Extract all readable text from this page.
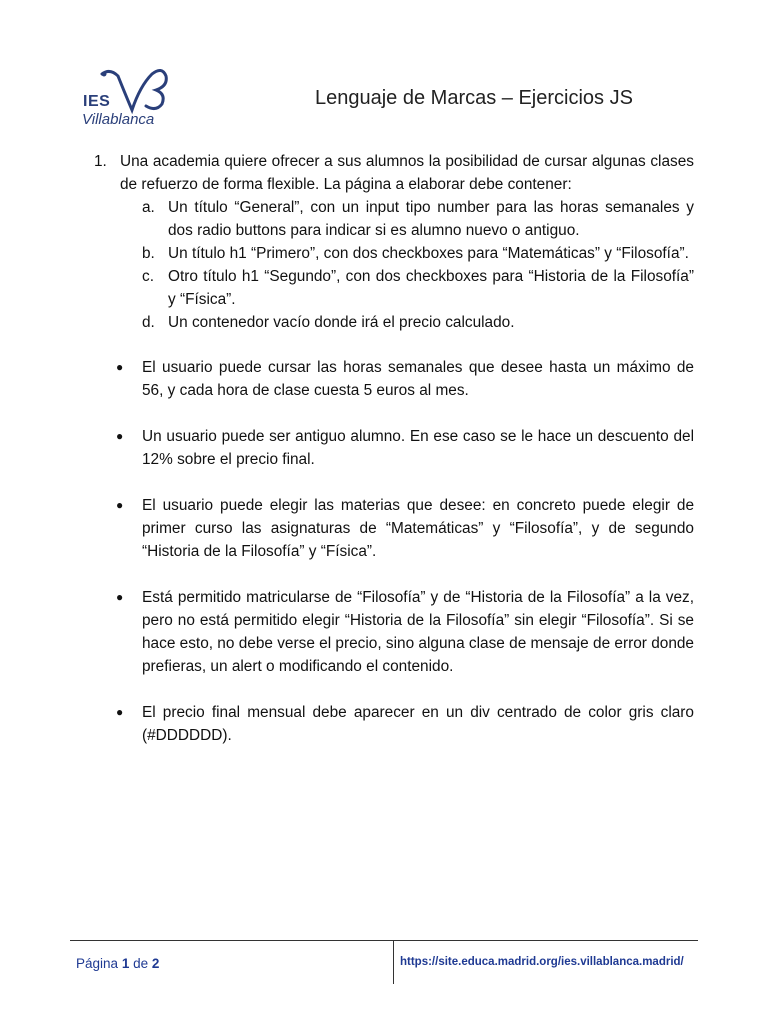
IES
Villablanca
Lenguaje de Marcas – Ejercicios JS
1. Una academia quiere ofrecer a sus alumnos la posibilidad de cursar algunas clases de refuerzo de forma flexible. La página a elaborar debe contener:
a. Un título “General”, con un input tipo number para las horas semanales y dos radio buttons para indicar si es alumno nuevo o antiguo.
b. Un título h1 “Primero”, con dos checkboxes para “Matemáticas” y “Filosofía”.
c. Otro título h1 “Segundo”, con dos checkboxes para “Historia de la Filosofía” y “Física”.
d. Un contenedor vacío donde irá el precio calculado.
●	El usuario puede cursar las horas semanales que desee hasta un máximo de 56, y cada hora de clase cuesta 5 euros al mes.
●	Un usuario puede ser antiguo alumno. En ese caso se le hace un descuento del 12% sobre el precio final.
●	El usuario puede elegir las materias que desee: en concreto puede elegir de primer curso las asignaturas de “Matemáticas” y “Filosofía”, y de segundo “Historia de la Filosofía” y “Física”.
●	Está permitido matricularse de “Filosofía” y de “Historia de la Filosofía” a la vez, pero no está permitido elegir “Historia de la Filosofía” sin elegir “Filosofía”. Si se hace esto, no debe verse el precio, sino alguna clase de mensaje de error donde prefieras, un alert o modificando el contenido.
●	El precio final mensual debe aparecer en un div centrado de color gris claro (#DDDDDD).
Página 1 de 2	https://site.educa.madrid.org/ies.villablanca.madrid/
